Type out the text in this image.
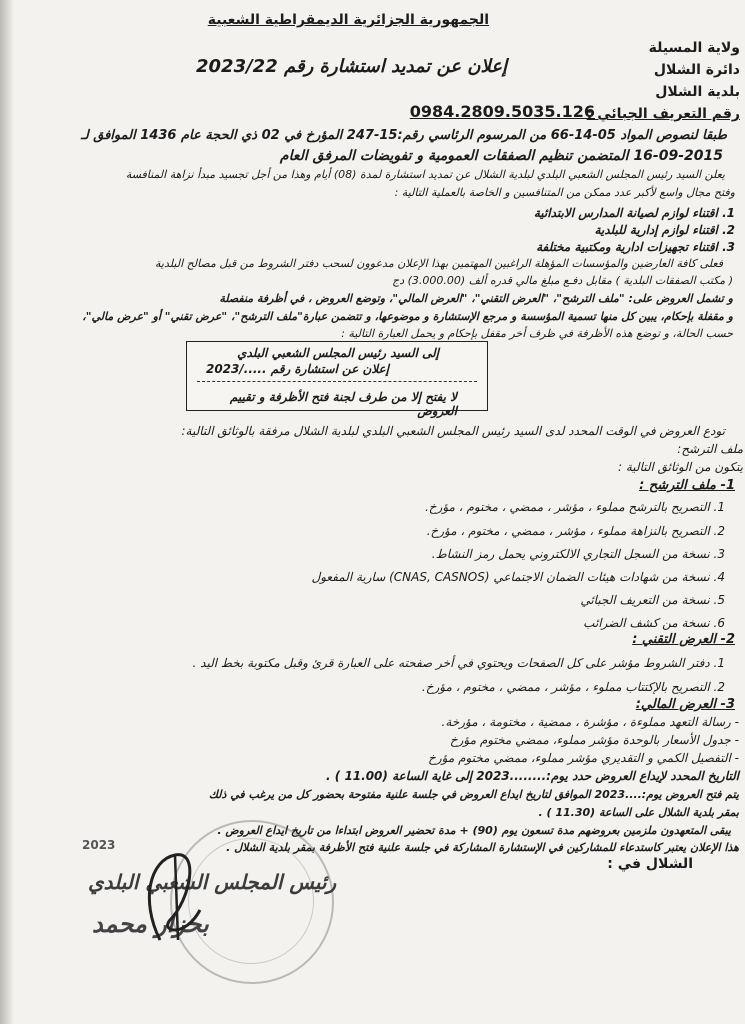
الجمهورية الجزائرية الديمقراطية الشعبية
ولاية المسيلة
دائرة الشلال
بلدية الشلال
إعلان عن تمديد استشارة رقم 2023/22
رقم التعريف الجبائي :
0984.2809.5035.126
طبقا لنصوص المواد 05-14-66 من المرسوم الرئاسي رقم:15-247 المؤرخ في 02 ذي الحجة عام 1436 الموافق لـ
16-09-2015 المتضمن تنظيم الصفقات العمومية و تفويضات المرفق العام
يعلن السيد رئيس المجلس الشعبي البلدي لبلدية الشلال عن تمديد استشارة لمدة (08) أيام وهذا من أجل تجسيد مبدأ نزاهة المنافسة
وفتح مجال واسع لأكبر عدد ممكن من المتنافسين و الخاصة بالعملية التالية :
1. اقتناء لوازم لصيانة المدارس الابتدائية
2. اقتناء لوازم إدارية للبلدية
3. اقتناء تجهيزات ادارية ومكتبية مختلفة
فعلى كافة العارضين والمؤسسات المؤهلة الراغبين المهتمين بهذا الإعلان مدعوون لسحب دفتر الشروط من قبل مصالح البلدية
( مكتب الصفقات البلدية ) مقابل دفـع مبلغ مالي قدره ألف (3.000.00) دج
و تشمل العروض على: "ملف الترشح"، "العرض التقني"، "العرض المالي"، وتوضع العروض ، في أظرفة منفصلة
و مقفلة بإحكام، يبين كل منها تسمية المؤسسة و مرجع الإستشارة و موضوعها، و تتضمن عبارة"ملف الترشح"، "عرض تقني" أو "عرض مالي"،
حسب الحالة، و توضع هذه الأظرفة في ظرف أخر مقفل بإحكام و يحمل العبارة التالية :
إلى السيد رئيس المجلس الشعبي البلدي
إعلان عن استشارة رقم ...../2023
لا يفتح إلا من طرف لجنة فتح الأظرفة و تقييم العروض
تودع العروض في الوقت المحدد لدى السيد رئيس المجلس الشعبي البلدي لبلدية الشلال مرفقة بالوثائق التالية:
ملف الترشح:
يتكون من الوثائق التالية :
1- ملف الترشح :
1. التصريح بالترشح مملوء ، مؤشر ، ممضي ، مختوم ، مؤرخ.
2. التصريح بالنزاهة مملوء ، مؤشر ، ممضي ، مختوم ، مؤرخ.
3. نسخة من السجل التجاري الالكتروني يحمل رمز النشاط.
4. نسخة من شهادات هيئات الضمان الاجتماعي (CNAS, CASNOS) سارية المفعول
5. نسخة من التعريف الجبائي
6. نسخة من كشف الضرائب
2- العرض التقني :
1. دفتر الشروط مؤشر على كل الصفحات ويحتوي في أخر صفحته على العبارة قرئ وقبل مكتوبة بخط اليد .
2. التصريح بالإكتتاب مملوء ، مؤشر ، ممضي ، مختوم ، مؤرخ.
3- العرض المالي:
- رسالة التعهد مملوءة ، مؤشرة ، ممضية ، مختومة ، مؤرخة.
- جدول الأسعار بالوحدة مؤشر مملوء، ممضي مختوم مؤرخ
- التفصيل الكمي و التقديري مؤشر مملوء، ممضي مختوم مؤرخ
التاريخ المحدد لإيداع العروض حدد يوم:........2023 إلى غاية الساعة (11.00 ) .
يتم فتح العروض يوم:....2023 الموافق لتاريخ ايداع العروض في جلسة علنية مفتوحة بحضور كل من يرغب في ذلك
بمقر بلدية الشلال على الساعة (11.30 ) .
يبقى المتعهدون ملزمين بعروضهم مدة تسعون يوم (90) + مدة تحضير العروض ابتداءا من تاريخ ايداع العروض .
هذا الإعلان يعتبر كاستدعاء للمشاركين في الإستشارة المشاركة في جلسة علنية فتح الأظرفة بمقر بلدية الشلال .
الشلال في :
2023
رئيس المجلس الشعبي البلدي
بحزار محمد
